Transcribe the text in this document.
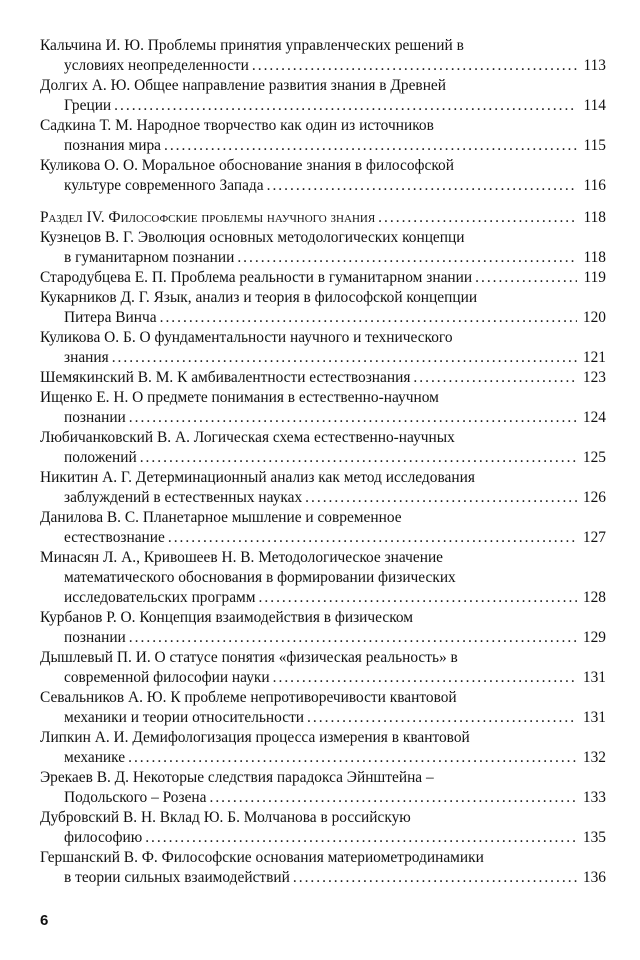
Кальчина И. Ю. Проблемы принятия управленческих решений в
условиях неопределенности .....	113
Долгих А. Ю. Общее направление развития знания в Древней
Греции .....	114
Садкина Т. М. Народное творчество как один из источников
познания мира .....	115
Куликова О. О. Моральное обоснование знания в философской
культуре современного Запада .....	116
Раздел IV. Философские проблемы научного знания .....	118
Кузнецов В. Г. Эволюция основных методологических концепци
в гуманитарном познании .....	118
Стародубцева Е. П. Проблема реальности в гуманитарном знании .....	119
Кукарников Д. Г. Язык, анализ и теория в философской концепции
Питера Винча .....	120
Куликова О. Б. О фундаментальности научного и технического
знания .....	121
Шемякинский В. М. К амбивалентности естествознания .....	123
Ищенко Е. Н. О предмете понимания в естественно-научном
познании .....	124
Любичанковский В. А. Логическая схема естественно-научных
положений .....	125
Никитин А. Г. Детерминационный анализ как метод исследования
заблуждений в естественных науках .....	126
Данилова В. С. Планетарное мышление и современное
естествознание .....	127
Минасян Л. А., Кривошеев Н. В. Методологическое значение
математического обоснования в формировании физических
исследовательских программ .....	128
Курбанов Р. О. Концепция взаимодействия в физическом
познании .....	129
Дышлевый П. И. О статусе понятия «физическая реальность» в
современной философии науки .....	131
Севальников А. Ю. К проблеме непротиворечивости квантовой
механики и теории относительности .....	131
Липкин А. И. Демифологизация процесса измерения в квантовой
механике .....	132
Эрекаев В. Д. Некоторые следствия парадокса Эйнштейна –
Подольского – Розена .....	133
Дубровский В. Н. Вклад Ю. Б. Молчанова в российскую
философию .....	135
Гершанский В. Ф. Философские основания материометродинамики
в теории сильных взаимодействий .....	136
6
